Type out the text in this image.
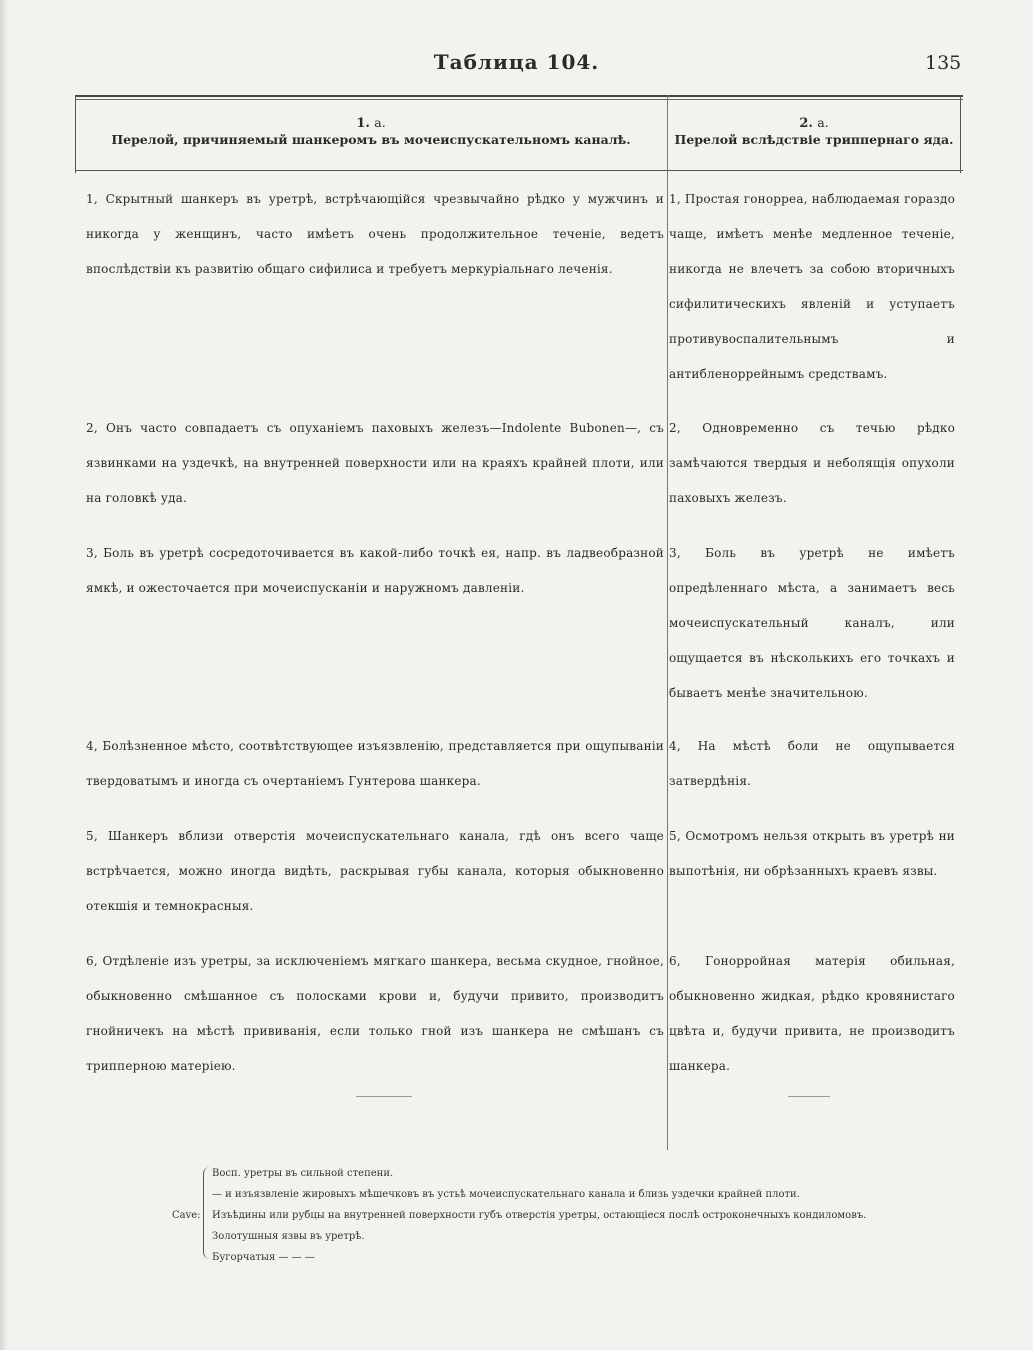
Таблица 104.	135
1. а.
Перелой, причиняемый шанкеромъ въ мочеиспускательномъ каналѣ.
2. а.
Перелой вслѣдствіе триппернаго яда.
1, Скрытный шанкеръ въ уретрѣ, встрѣчающійся чрезвычайно рѣдко у мужчинъ и никогда у женщинъ, часто имѣетъ очень продолжительное теченіе, ведетъ впослѣдствіи къ развитію общаго сифилиса и требуетъ меркуріальнаго леченія.
2, Онъ часто совпадаетъ съ опуханіемъ паховыхъ железъ—Indolente Bubonen—, съ язвинками на уздечкѣ, на внутренней поверхности или на краяхъ крайней плоти, или на головкѣ уда.
3, Боль въ уретрѣ сосредоточивается въ какой-либо точкѣ ея, напр. въ ладвеобразной ямкѣ, и ожесточается при мочеиспусканіи и наружномъ давленіи.
4, Болѣзненное мѣсто, соотвѣтствующее изъязвленію, представляется при ощупываніи твердоватымъ и иногда съ очертаніемъ Гунтерова шанкера.
5, Шанкеръ вблизи отверстія мочеиспускательнаго канала, гдѣ онъ всего чаще встрѣчается, можно иногда видѣть, раскрывая губы канала, которыя обыкновенно отекшія и темнокрасныя.
6, Отдѣленіе изъ уретры, за исключеніемъ мягкаго шанкера, весьма скудное, гнойное, обыкновенно смѣшанное съ полосками крови и, будучи привито, производитъ гнойничекъ на мѣстѣ прививанія, если только гной изъ шанкера не смѣшанъ съ трипперною матеріею.
1, Простая гонорреа, наблюдаемая гораздо чаще, имѣетъ менѣе медленное теченіе, никогда не влечетъ за собою вторичныхъ сифилитическихъ явленій и уступаетъ противувоспалительнымъ и антибленоррейнымъ средствамъ.
2, Одновременно съ течью рѣдко замѣчаются твердыя и неболящія опухоли паховыхъ железъ.
3, Боль въ уретрѣ не имѣетъ опредѣленнаго мѣста, а занимаетъ весь мочеиспускательный каналъ, или ощущается въ нѣсколькихъ его точкахъ и бываетъ менѣе значительною.
4, На мѣстѣ боли не ощупывается затвердѣнія.
5, Осмотромъ нельзя открыть въ уретрѣ ни выпотѣнія, ни обрѣзанныхъ краевъ язвы.
6, Гонорройная матерія обильная, обыкновенно жидкая, рѣдко кровянистаго цвѣта и, будучи привита, не производитъ шанкера.
Cave:
Восп. уретры въ сильной степени.
— и изъязвленіе жировыхъ мѣшечковъ въ устьѣ мочеиспускательнаго канала и близь уздечки крайней плоти.
Изъѣдины или рубцы на внутренней поверхности губъ отверстія уретры, остающіеся послѣ остроконечныхъ кондиломовъ.
Золотушныя язвы въ уретрѣ.
Бугорчатыя — — —
